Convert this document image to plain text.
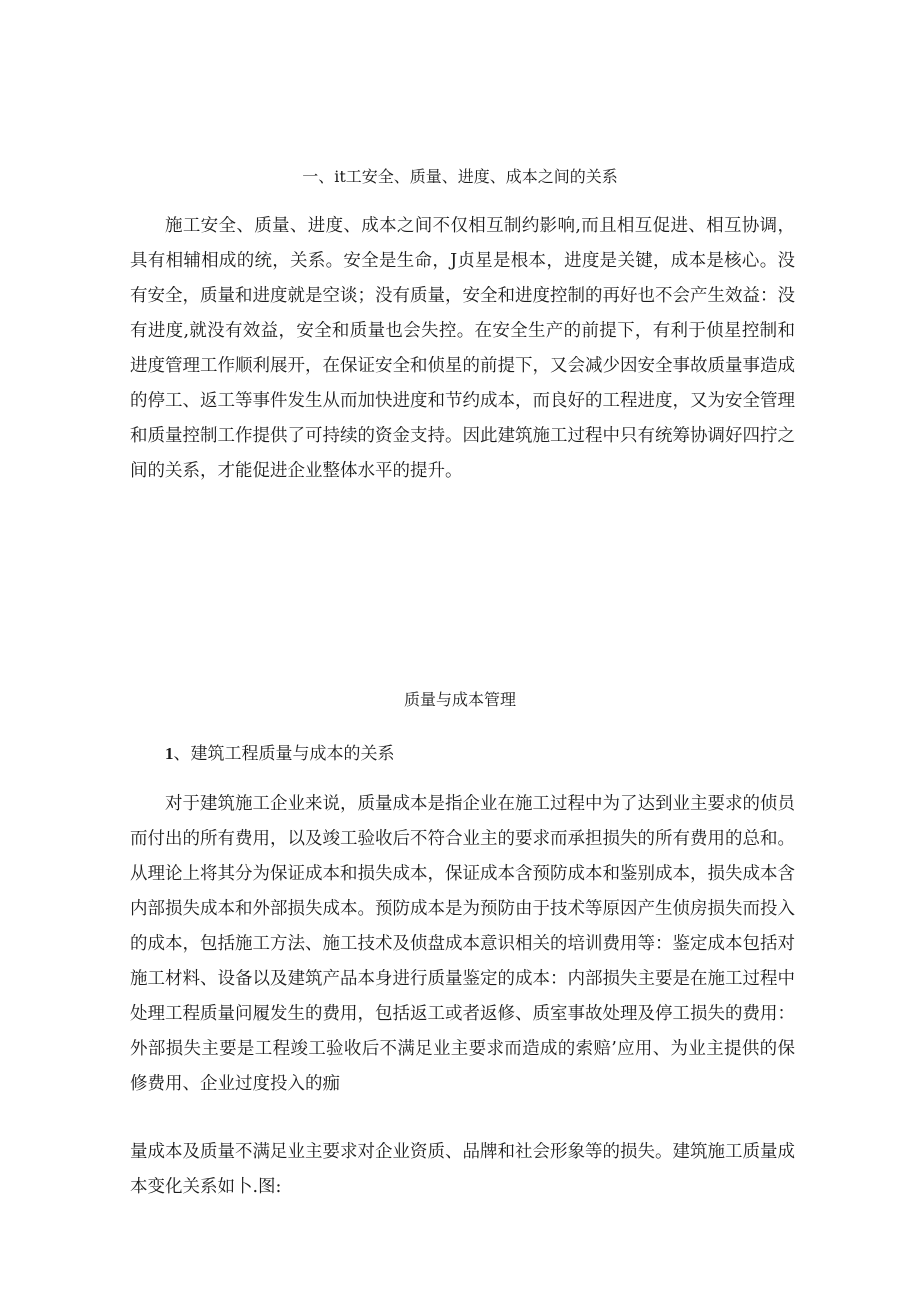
一、it工安全、质量、进度、成本之间的关系

施工安全、质量、进度、成本之间不仅相互制约影响,而且相互促进、相互协调，具有相辅相成的统，关系。安全是生命，J贞星是根本，进度是关键，成本是核心。没有安全，质量和进度就是空谈；没有质量，安全和进度控制的再好也不会产生效益：没有进度,就没有效益，安全和质量也会失控。在安全生产的前提下，有利于侦星控制和进度管理工作顺利展开，在保证安全和侦星的前提下，又会减少因安全事故质量事造成的停工、返工等事件发生从而加快进度和节约成本，而良好的工程进度，又为安全管理和质量控制工作提供了可持续的资金支持。因此建筑施工过程中只有统筹协调好四拧之间的关系，才能促进企业整体水平的提升。

质量与成本管理
1、建筑工程质量与成本的关系

对于建筑施工企业来说，质量成本是指企业在施工过程中为了达到业主要求的侦员而付出的所有费用，以及竣工验收后不符合业主的要求而承担损失的所有费用的总和。从理论上将其分为保证成本和损失成本，保证成本含预防成本和鉴别成本，损失成本含内部损失成本和外部损失成本。预防成本是为预防由于技术等原因产生侦房损失而投入的成本，包括施工方法、施工技术及侦盘成本意识相关的培训费用等：鉴定成本包括对施工材料、设备以及建筑产品本身进行质量鉴定的成本：内部损失主要是在施工过程中处理工程质量问履发生的费用，包括返工或者返修、质室事故处理及停工损失的费用：外部损失主要是工程竣工验收后不满足业主要求而造成的索赔’应用、为业主提供的保修费用、企业过度投入的痂

量成本及质量不满足业主要求对企业资质、品牌和社会形象等的损失。建筑施工质量成本变化关系如卜.图:
